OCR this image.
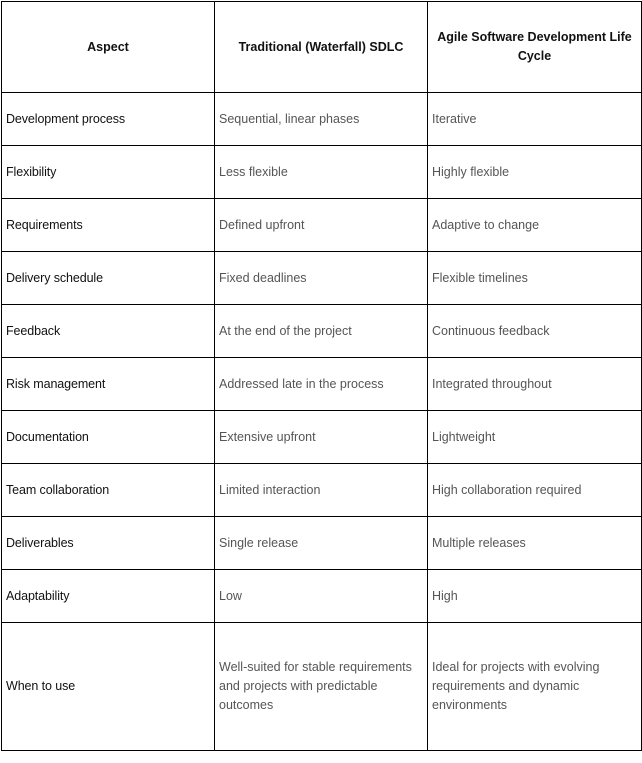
Aspect	Traditional (Waterfall) SDLC	Agile Software Development Life Cycle
Development process	Sequential, linear phases	Iterative
Flexibility	Less flexible	Highly flexible
Requirements	Defined upfront	Adaptive to change
Delivery schedule	Fixed deadlines	Flexible timelines
Feedback	At the end of the project	Continuous feedback
Risk management	Addressed late in the process	Integrated throughout
Documentation	Extensive upfront	Lightweight
Team collaboration	Limited interaction	High collaboration required
Deliverables	Single release	Multiple releases
Adaptability	Low	High
When to use	Well-suited for stable requirements and projects with predictable outcomes	Ideal for projects with evolving requirements and dynamic environments
